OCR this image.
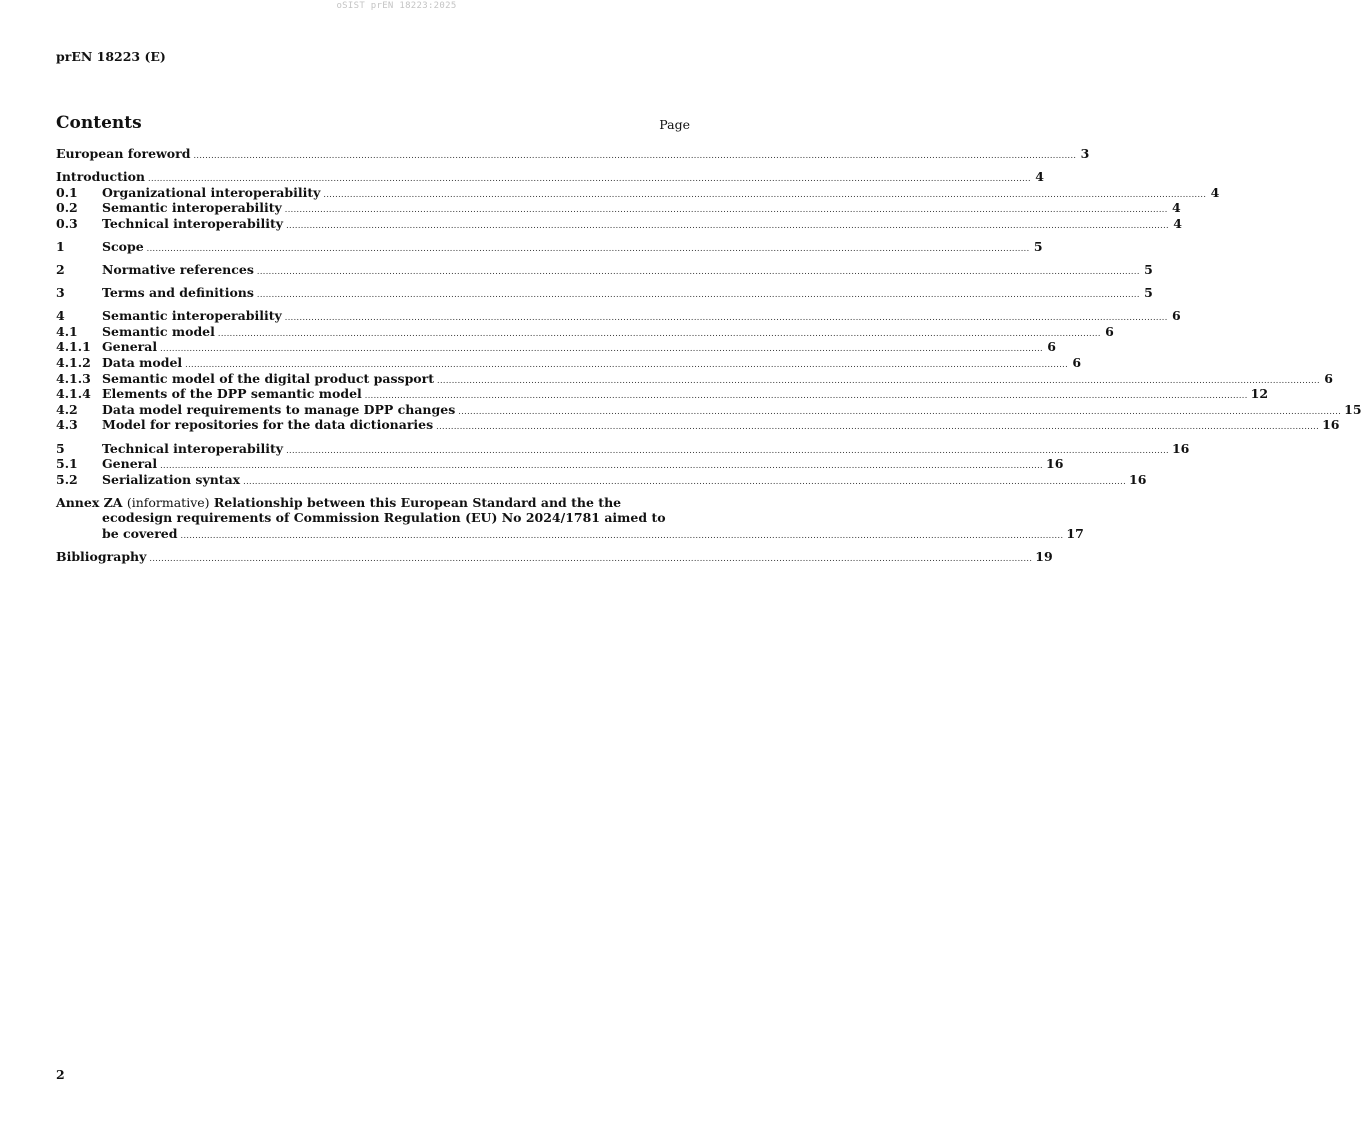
oSIST prEN 18223:2025
prEN 18223 (E)
Contents	Page
European foreword ............................................................................................................................................................................................................................................................................................................ 3
Introduction ............................................................................................................................................................................................................................................................................................................ 4
0.1	Organizational interoperability ............................................................................................................................................................................................................................................................................................................ 4
0.2	Semantic interoperability ............................................................................................................................................................................................................................................................................................................ 4
0.3	Technical interoperability ............................................................................................................................................................................................................................................................................................................ 4
1	Scope ............................................................................................................................................................................................................................................................................................................ 5
2	Normative references ............................................................................................................................................................................................................................................................................................................ 5
3	Terms and definitions ............................................................................................................................................................................................................................................................................................................ 5
4	Semantic interoperability ............................................................................................................................................................................................................................................................................................................ 6
4.1	Semantic model ............................................................................................................................................................................................................................................................................................................ 6
4.1.1 General ............................................................................................................................................................................................................................................................................................................ 6
4.1.2 Data model ............................................................................................................................................................................................................................................................................................................ 6
4.1.3 Semantic model of the digital product passport ............................................................................................................................................................................................................................................................................................................ 6
4.1.4 Elements of the DPP semantic model ............................................................................................................................................................................................................................................................................................................ 12
4.2	Data model requirements to manage DPP changes ............................................................................................................................................................................................................................................................................................................ 15
4.3	Model for repositories for the data dictionaries ............................................................................................................................................................................................................................................................................................................ 16
5	Technical interoperability ............................................................................................................................................................................................................................................................................................................ 16
5.1	General ............................................................................................................................................................................................................................................................................................................ 16
5.2	Serialization syntax ............................................................................................................................................................................................................................................................................................................ 16
Annex ZA (informative) Relationship between this European Standard and the the
ecodesign requirements of Commission Regulation (EU) No 2024/1781 aimed to
be covered ............................................................................................................................................................................................................................................................................................................ 17
Bibliography ............................................................................................................................................................................................................................................................................................................ 19
2
